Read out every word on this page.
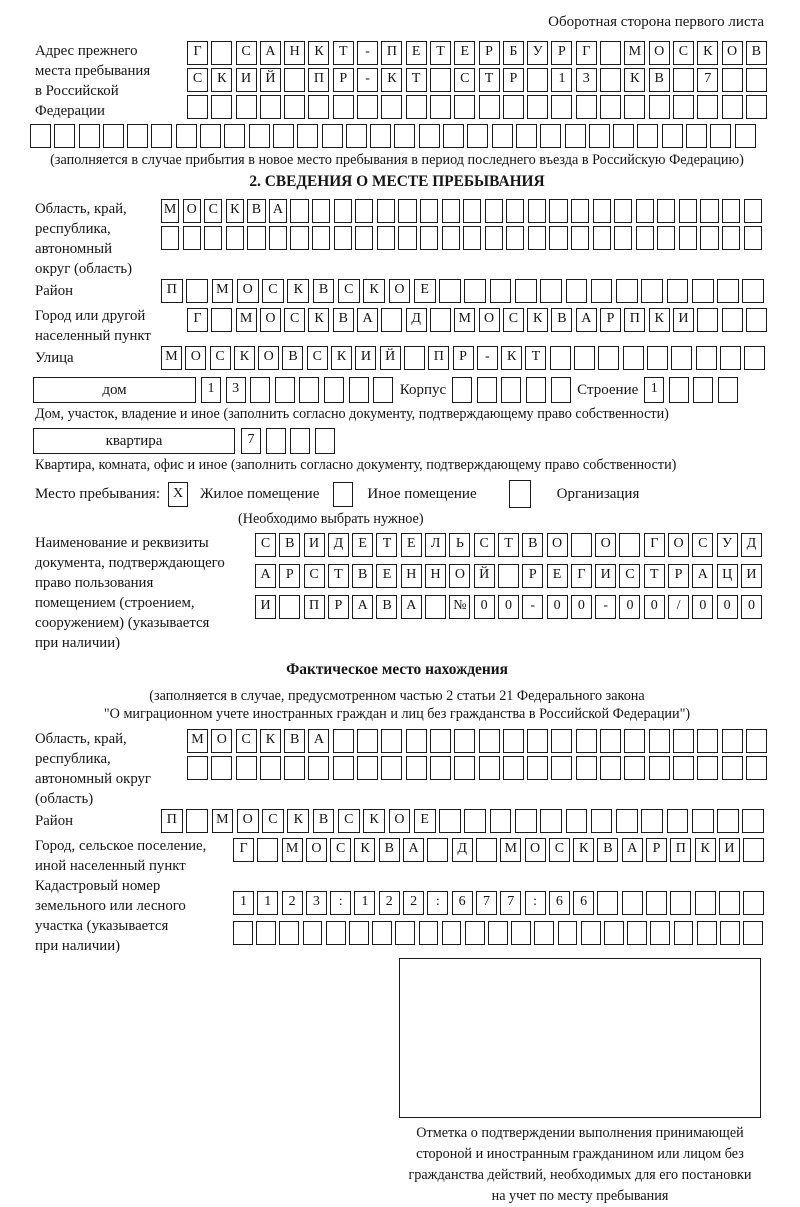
Оборотная сторона первого листа
Адрес прежнего
места пребывания
в Российской
Федерации
Г	С	А	Н	К	Т	-	П	Е	Т	Е	Р	Б	У	Р	Г	М О	С	К	О	В
С	К	И	Й	П	Р	-	К	Т	С	Т	Р	1	3	К	В	7
(заполняется в случае прибытия в новое место пребывания в период последнего въезда в Российскую Федерацию)
2. СВЕДЕНИЯ О МЕСТЕ ПРЕБЫВАНИЯ
Область, край,
республика,
автономный
округ (область)
М О С К В А
Район	П	М	О	С	К	В	С	К	О	Е
Город или другой
населенный пункт
Г	М О	С	К	В	А	Д	М О	С	К	В	А	Р	П	К	И
Улица	М О	С	К	О	В	С	К	И	Й	П	Р	-	К	Т
дом	1	3	Корпус	Строение 1
Дом, участок, владение и иное (заполнить согласно документу, подтверждающему право собственности)
квартира	7
Квартира, комната, офис и иное (заполнить согласно документу, подтверждающему право собственности)
Место пребывания: X	Жилое помещение	Иное помещение	Организация
(Необходимо выбрать нужное)
Наименование и реквизиты
документа, подтверждающего
право пользования
помещением (строением,
сооружением) (указывается
при наличии)
С	В	И	Д	Е	Т	Е	Л	Ь	С	Т	В	О	О	Г	О	С	У	Д
А	Р	С	Т	В	Е	Н	Н	О	Й	Р	Е	Г	И	С	Т	Р	А	Ц	И
И	П	Р	А	В	А	№	0	0	-	0	0	-	0	0	/	0	0	0
Фактическое место нахождения
(заполняется в случае, предусмотренном частью 2 статьи 21 Федерального закона
"О миграционном учете иностранных граждан и лиц без гражданства в Российской Федерации")
Область, край,
республика,
автономный округ
(область)
М О	С	К	В	А
Район	П	М	О	С	К	В	С	К	О	Е
Город, сельское поселение,
иной населенный пункт
Г	М О	С	К	В	А	Д	М О	С	К	В	А	Р	П	К	И
Кадастровый номер
земельного или лесного
участка (указывается
при наличии)
1	1	2	3	:	1	2	2	:	6	7	7	:	6	6
Отметка о подтверждении выполнения принимающей
стороной и иностранным гражданином или лицом без
гражданства действий, необходимых для его постановки
на учет по месту пребывания
